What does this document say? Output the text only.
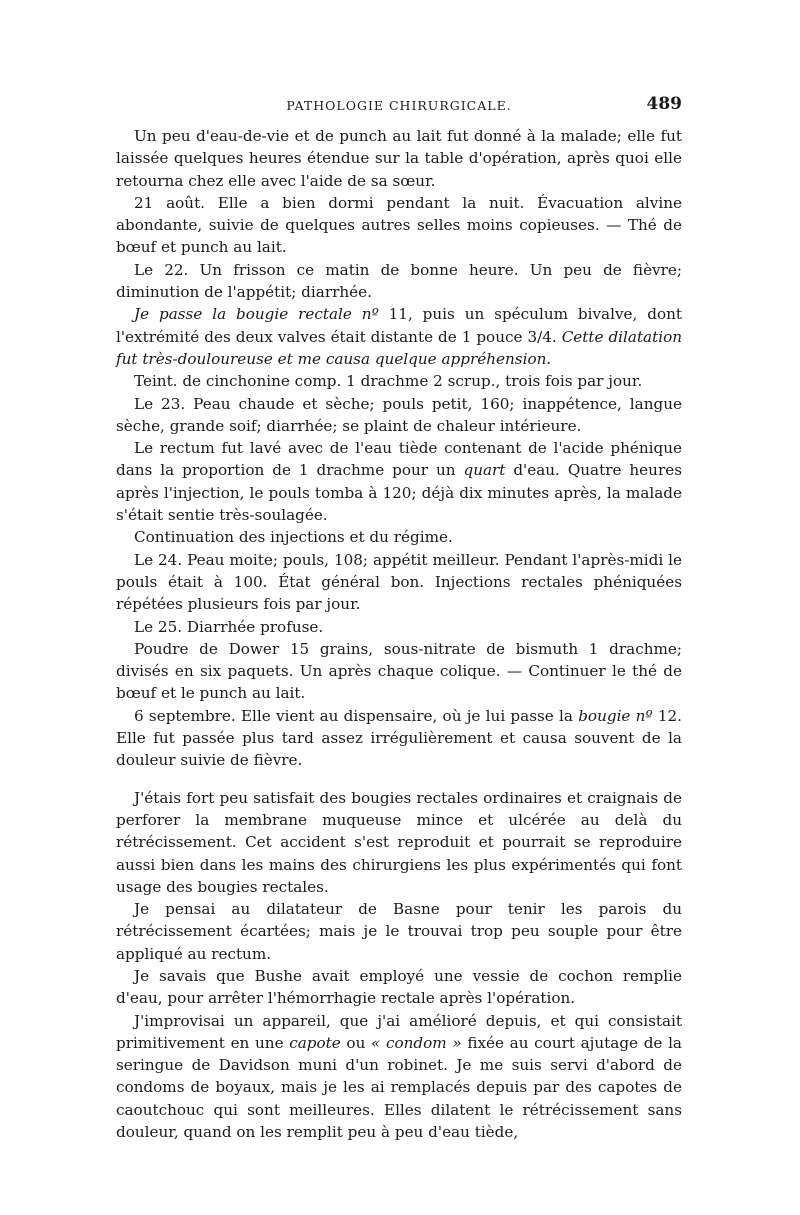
PATHOLOGIE CHIRURGICALE.	489

Un peu d'eau-de-vie et de punch au lait fut donné à la malade; elle fut laissée quelques heures étendue sur la table d'opération, après quoi elle retourna chez elle avec l'aide de sa sœur.

21 août. Elle a bien dormi pendant la nuit. Évacuation alvine abondante, suivie de quelques autres selles moins copieuses. — Thé de bœuf et punch au lait.

Le 22. Un frisson ce matin de bonne heure. Un peu de fièvre; diminution de l'appétit; diarrhée.

Je passe la bougie rectale nº 11, puis un spéculum bivalve, dont l'extrémité des deux valves était distante de 1 pouce 3/4. Cette dilatation fut très-douloureuse et me causa quelque appréhension.

Teint. de cinchonine comp. 1 drachme 2 scrup., trois fois par jour.

Le 23. Peau chaude et sèche; pouls petit, 160; inappétence, langue sèche, grande soif; diarrhée; se plaint de chaleur intérieure.

Le rectum fut lavé avec de l'eau tiède contenant de l'acide phénique dans la proportion de 1 drachme pour un quart d'eau. Quatre heures après l'injection, le pouls tomba à 120; déjà dix minutes après, la malade s'était sentie très-soulagée.

Continuation des injections et du régime.

Le 24. Peau moite; pouls, 108; appétit meilleur. Pendant l'après-midi le pouls était à 100. État général bon. Injections rectales phéniquées répétées plusieurs fois par jour.

Le 25. Diarrhée profuse.

Poudre de Dower 15 grains, sous-nitrate de bismuth 1 drachme; divisés en six paquets. Un après chaque colique. — Continuer le thé de bœuf et le punch au lait.

6 septembre. Elle vient au dispensaire, où je lui passe la bougie nº 12. Elle fut passée plus tard assez irrégulièrement et causa souvent de la douleur suivie de fièvre.

J'étais fort peu satisfait des bougies rectales ordinaires et craignais de perforer la membrane muqueuse mince et ulcérée au delà du rétrécissement. Cet accident s'est reproduit et pourrait se reproduire aussi bien dans les mains des chirurgiens les plus expérimentés qui font usage des bougies rectales.

Je pensai au dilatateur de Basne pour tenir les parois du rétrécissement écartées; mais je le trouvai trop peu souple pour être appliqué au rectum.

Je savais que Bushe avait employé une vessie de cochon remplie d'eau, pour arrêter l'hémorrhagie rectale après l'opération.

J'improvisai un appareil, que j'ai amélioré depuis, et qui consistait primitivement en une capote ou « condom » fixée au court ajutage de la seringue de Davidson muni d'un robinet. Je me suis servi d'abord de condoms de boyaux, mais je les ai remplacés depuis par des capotes de caoutchouc qui sont meilleures. Elles dilatent le rétrécissement sans douleur, quand on les remplit peu à peu d'eau tiède,
